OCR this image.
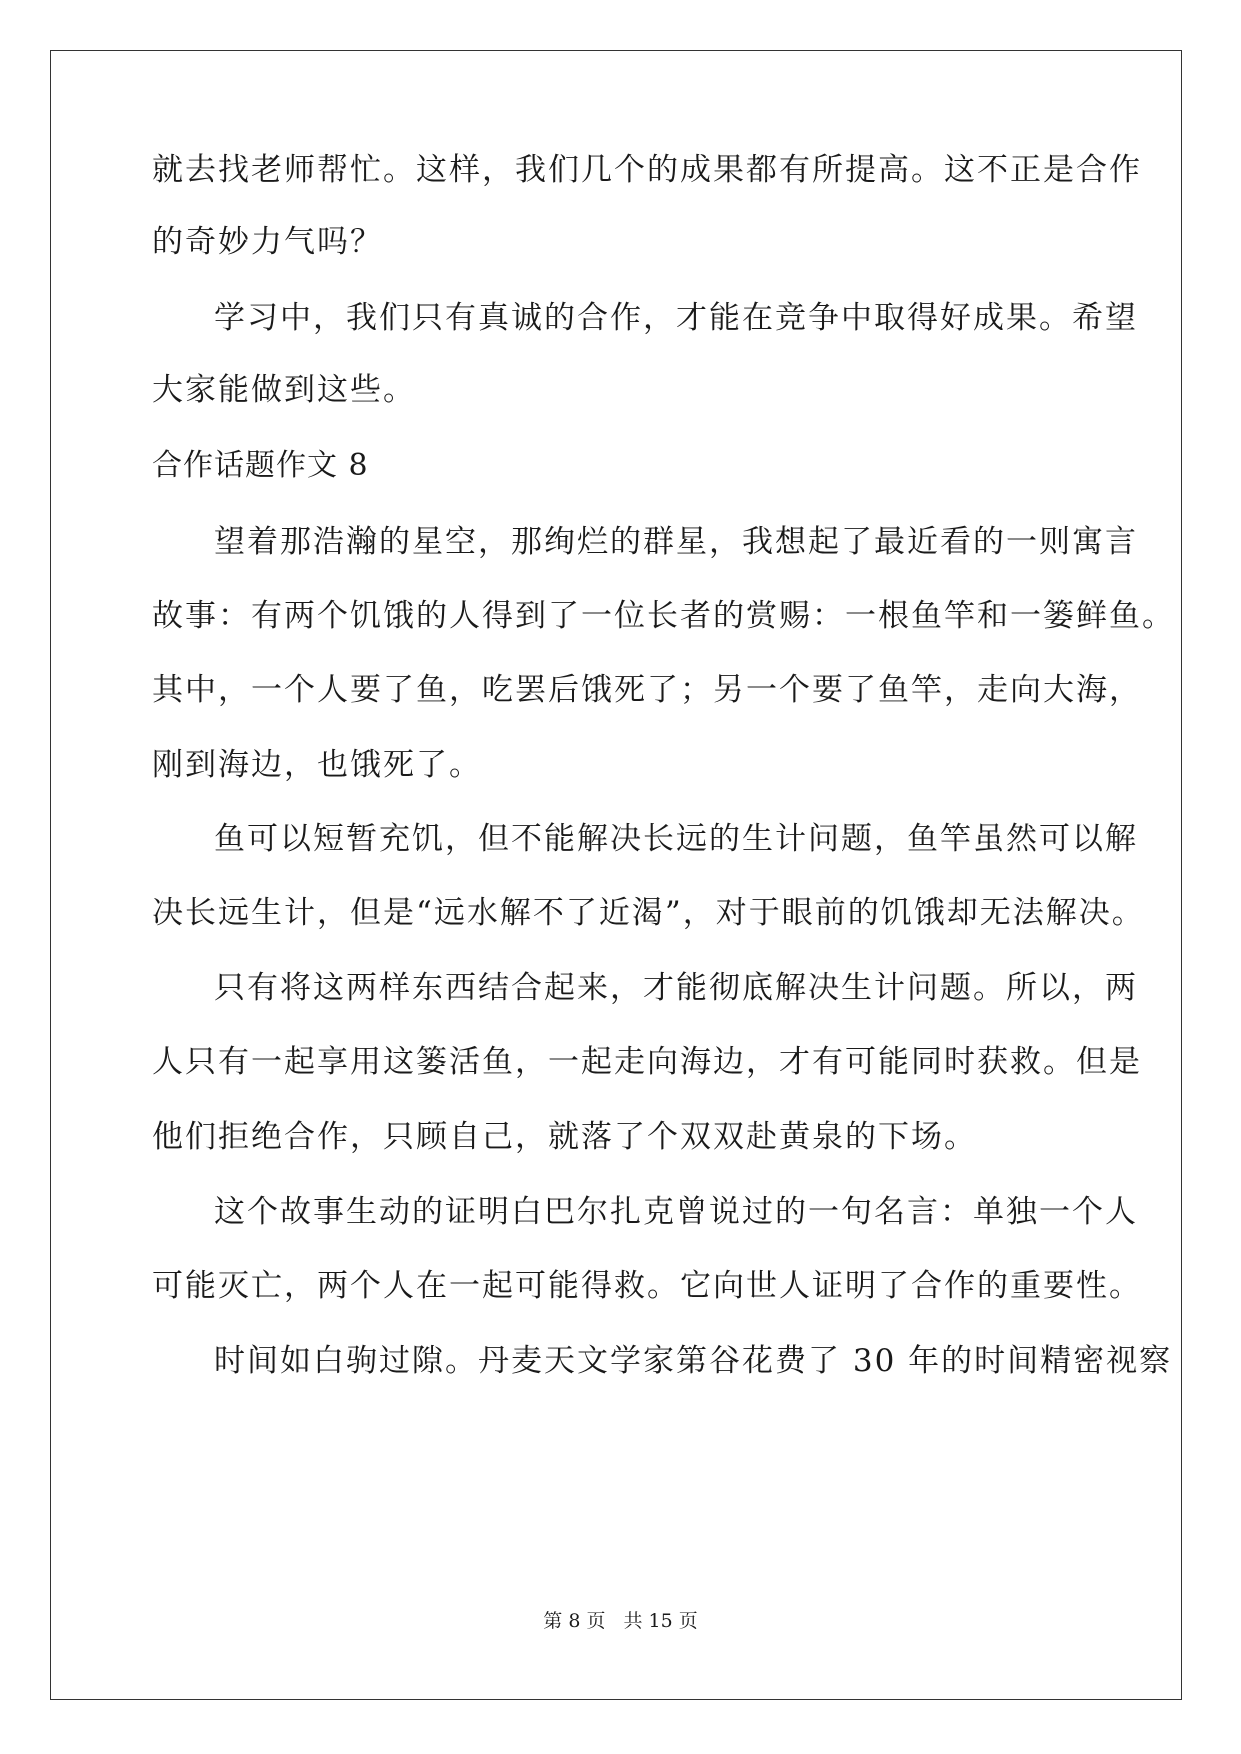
就去找老师帮忙。这样，我们几个的成果都有所提高。这不正是合作
的奇妙力气吗？
学习中，我们只有真诚的合作，才能在竞争中取得好成果。希望
大家能做到这些。
合作话题作文 8
望着那浩瀚的星空，那绚烂的群星，我想起了最近看的一则寓言
故事：有两个饥饿的人得到了一位长者的赏赐：一根鱼竿和一篓鲜鱼。
其中，一个人要了鱼，吃罢后饿死了；另一个要了鱼竿，走向大海，
刚到海边，也饿死了。
鱼可以短暂充饥，但不能解决长远的生计问题，鱼竿虽然可以解
决长远生计，但是“远水解不了近渴”，对于眼前的饥饿却无法解决。
只有将这两样东西结合起来，才能彻底解决生计问题。所以，两
人只有一起享用这篓活鱼，一起走向海边，才有可能同时获救。但是
他们拒绝合作，只顾自己，就落了个双双赴黄泉的下场。
这个故事生动的证明白巴尔扎克曾说过的一句名言：单独一个人
可能灭亡，两个人在一起可能得救。它向世人证明了合作的重要性。
时间如白驹过隙。丹麦天文学家第谷花费了 30 年的时间精密视察
第 8 页 共 15 页
